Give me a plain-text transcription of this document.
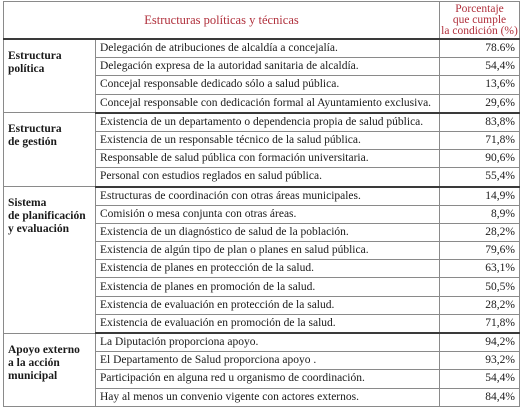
Estructuras políticas y técnicas		Porcentaje
que cumple
la condición (%)

Estructura
política	Delegación de atribuciones de alcaldía a concejalía.	78.6%
	Delegación expresa de la autoridad sanitaria de alcaldía.	54,4%
	Concejal responsable dedicado sólo a salud pública.	13,6%
	Concejal responsable con dedicación formal al Ayuntamiento exclusiva.	29,6%

Estructura
de gestión	Existencia de un departamento o dependencia propia de salud pública.	83,8%
	Existencia de un responsable técnico de la salud pública.	71,8%
	Responsable de salud pública con formación universitaria.	90,6%
	Personal con estudios reglados en salud pública.	55,4%

Sistema
de planificación
y evaluación	Estructuras de coordinación con otras áreas municipales.	14,9%
	Comisión o mesa conjunta con otras áreas.	8,9%
	Existencia de un diagnóstico de salud de la población.	28,2%
	Existencia de algún tipo de plan o planes en salud pública.	79,6%
	Existencia de planes en protección de la salud.	63,1%
	Existencia de planes en promoción de la salud.	50,5%
	Existencia de evaluación en protección de la salud.	28,2%
	Existencia de evaluación en promoción de la salud.	71,8%

Apoyo externo
a la acción
municipal	La Diputación proporciona apoyo.	94,2%
	El Departamento de Salud proporciona apoyo .	93,2%
	Participación en alguna red u organismo de coordinación.	54,4%
	Hay al menos un convenio vigente con actores externos.	84,4%
